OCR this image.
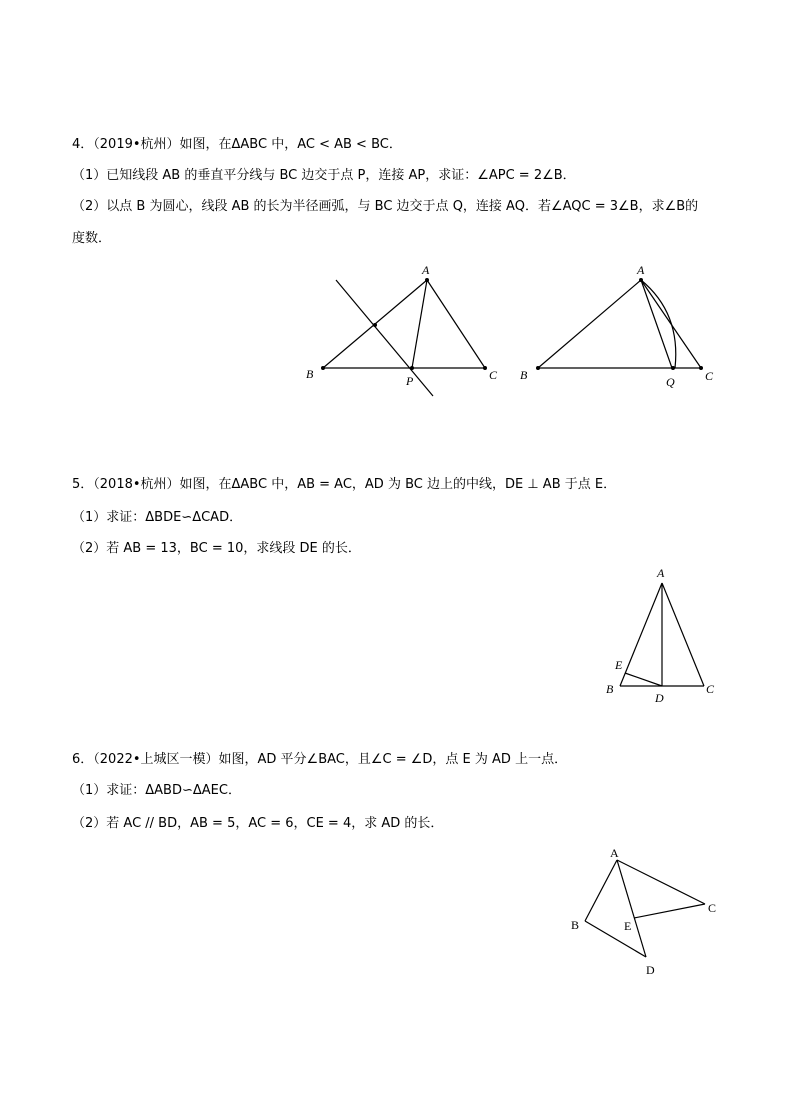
4．（2019•杭州）如图，在ΔABC 中，AC < AB < BC．
（1）已知线段 AB 的垂直平分线与 BC 边交于点 P，连接 AP，求证：∠APC = 2∠B．
（2）以点 B 为圆心，线段 AB 的长为半径画弧，与 BC 边交于点 Q，连接 AQ．若∠AQC = 3∠B，求∠B的
度数．
A
B	C
P
A
B	C
Q
5．（2018•杭州）如图，在ΔABC 中，AB = AC，AD 为 BC 边上的中线，DE ⊥ AB 于点 E．
（1）求证：ΔBDE∽ΔCAD．
（2）若 AB = 13，BC = 10，求线段 DE 的长．
A
E
B
D
C
6．（2022•上城区一模）如图，AD 平分∠BAC，且∠C = ∠D，点 E 为 AD 上一点．
（1）求证：ΔABD∽ΔAEC．
（2）若 AC // BD，AB = 5，AC = 6，CE = 4，求 AD 的长．
A
B	E
C
D
